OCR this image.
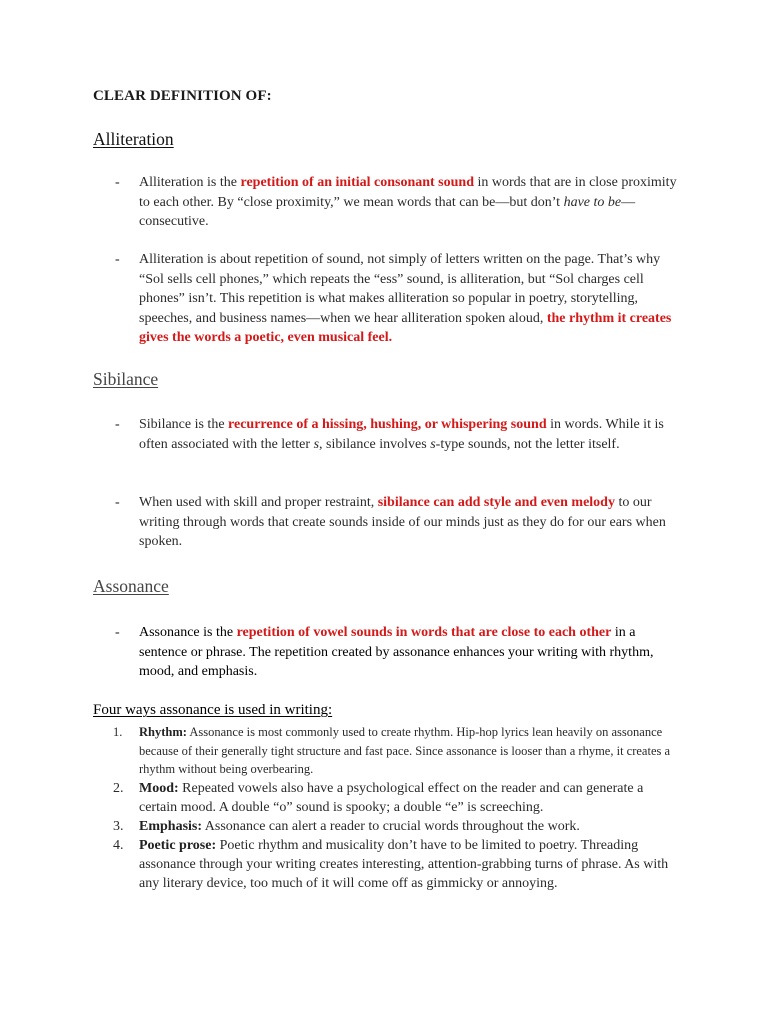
CLEAR DEFINITION OF:
Alliteration
- Alliteration is the repetition of an initial consonant sound in words that are in close proximity to each other. By “close proximity,” we mean words that can be—but don’t have to be—consecutive.
- Alliteration is about repetition of sound, not simply of letters written on the page. That’s why “Sol sells cell phones,” which repeats the “ess” sound, is alliteration, but “Sol charges cell phones” isn’t. This repetition is what makes alliteration so popular in poetry, storytelling, speeches, and business names—when we hear alliteration spoken aloud, the rhythm it creates gives the words a poetic, even musical feel.
Sibilance
- Sibilance is the recurrence of a hissing, hushing, or whispering sound in words. While it is often associated with the letter s, sibilance involves s-type sounds, not the letter itself.
- When used with skill and proper restraint, sibilance can add style and even melody to our writing through words that create sounds inside of our minds just as they do for our ears when spoken.
Assonance
- Assonance is the repetition of vowel sounds in words that are close to each other in a sentence or phrase. The repetition created by assonance enhances your writing with rhythm, mood, and emphasis.
Four ways assonance is used in writing:
1. Rhythm: Assonance is most commonly used to create rhythm. Hip-hop lyrics lean heavily on assonance because of their generally tight structure and fast pace. Since assonance is looser than a rhyme, it creates a rhythm without being overbearing.
2. Mood: Repeated vowels also have a psychological effect on the reader and can generate a certain mood. A double “o” sound is spooky; a double “e” is screeching.
3. Emphasis: Assonance can alert a reader to crucial words throughout the work.
4. Poetic prose: Poetic rhythm and musicality don’t have to be limited to poetry. Threading assonance through your writing creates interesting, attention-grabbing turns of phrase. As with any literary device, too much of it will come off as gimmicky or annoying.
